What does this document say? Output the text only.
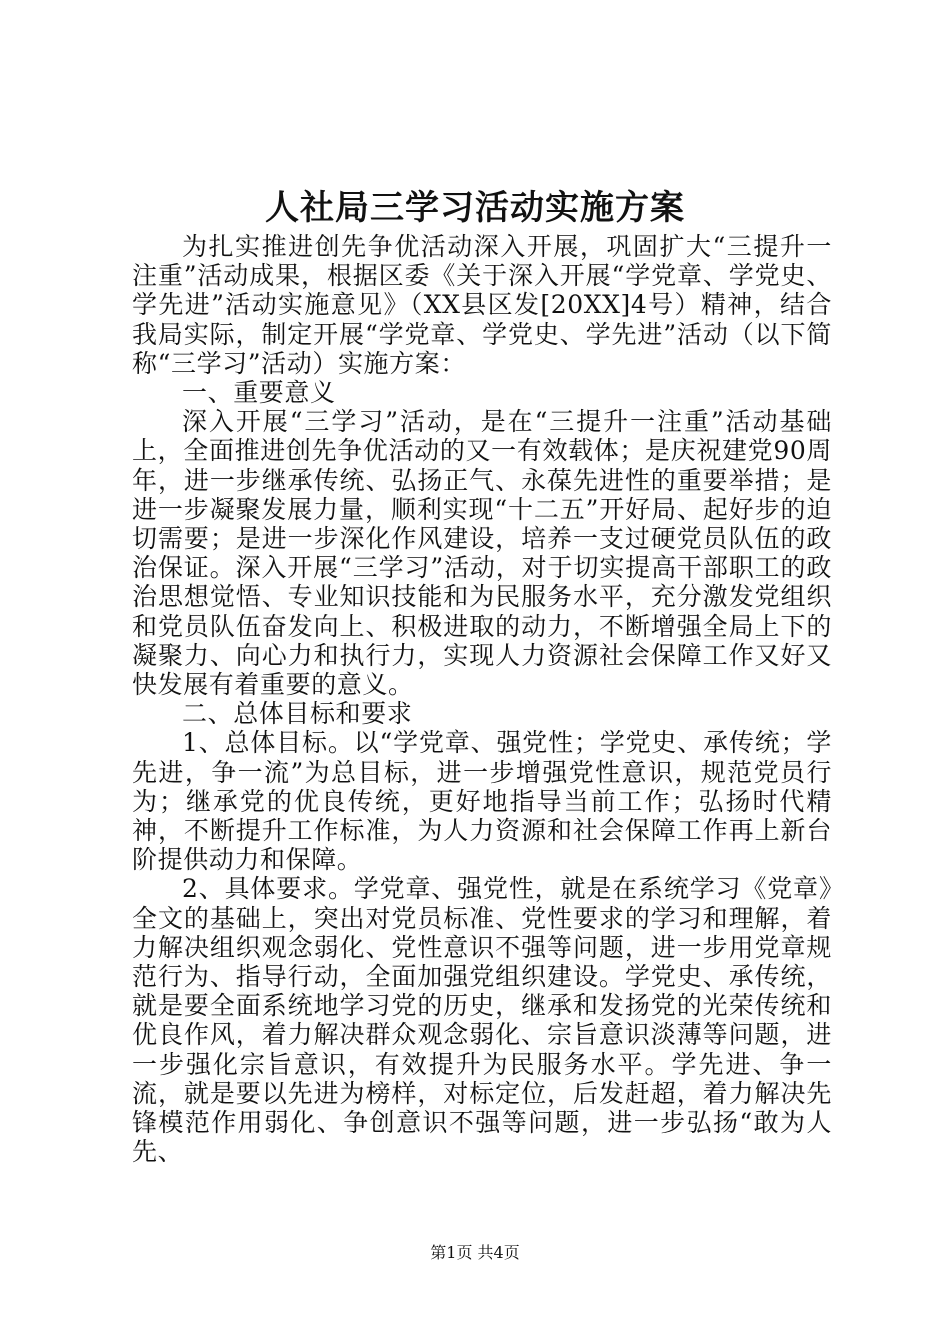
人社局三学习活动实施方案

为扎实推进创先争优活动深入开展，巩固扩大“三提升一注重”活动成果，根据区委《关于深入开展“学党章、学党史、学先进”活动实施意见》（XX县区发[20XX]4号）精神，结合我局实际，制定开展“学党章、学党史、学先进”活动（以下简称“三学习”活动）实施方案：

一、重要意义

深入开展“三学习”活动，是在“三提升一注重”活动基础上，全面推进创先争优活动的又一有效载体；是庆祝建党90周年，进一步继承传统、弘扬正气、永葆先进性的重要举措；是进一步凝聚发展力量，顺利实现“十二五”开好局、起好步的迫切需要；是进一步深化作风建设，培养一支过硬党员队伍的政治保证。深入开展“三学习”活动，对于切实提高干部职工的政治思想觉悟、专业知识技能和为民服务水平，充分激发党组织和党员队伍奋发向上、积极进取的动力，不断增强全局上下的凝聚力、向心力和执行力，实现人力资源社会保障工作又好又快发展有着重要的意义。

二、总体目标和要求

1、总体目标。以“学党章、强党性；学党史、承传统；学先进，争一流”为总目标，进一步增强党性意识，规范党员行为；继承党的优良传统，更好地指导当前工作；弘扬时代精神，不断提升工作标准，为人力资源和社会保障工作再上新台阶提供动力和保障。

2、具体要求。学党章、强党性，就是在系统学习《党章》全文的基础上，突出对党员标准、党性要求的学习和理解，着力解决组织观念弱化、党性意识不强等问题，进一步用党章规范行为、指导行动，全面加强党组织建设。学党史、承传统，就是要全面系统地学习党的历史，继承和发扬党的光荣传统和优良作风，着力解决群众观念弱化、宗旨意识淡薄等问题，进一步强化宗旨意识，有效提升为民服务水平。学先进、争一流，就是要以先进为榜样，对标定位，后发赶超，着力解决先锋模范作用弱化、争创意识不强等问题，进一步弘扬“敢为人先、

第1页 共4页
